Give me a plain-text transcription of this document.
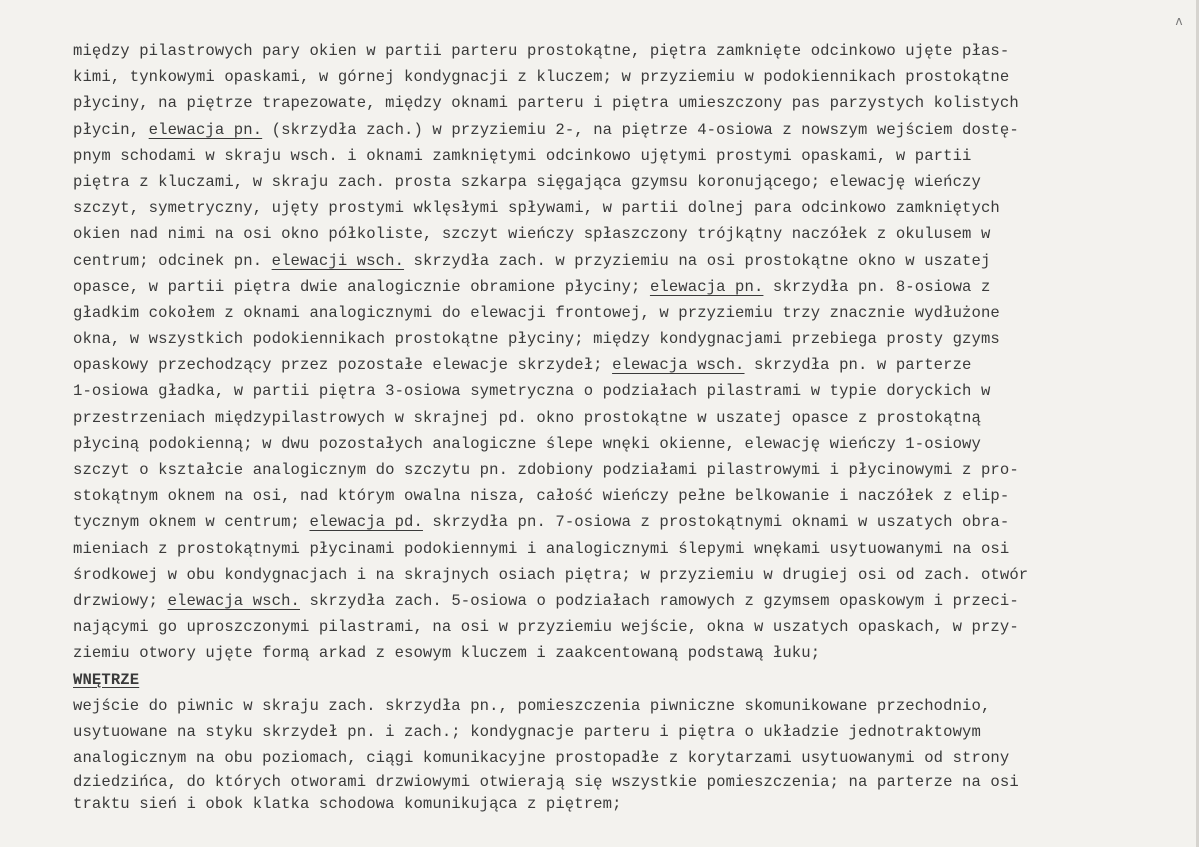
ʌ
między pilastrowych pary okien w partii parteru prostokątne, piętra zamknięte odcinkowo ujęte płas-
kimi, tynkowymi opaskami, w górnej kondygnacji z kluczem; w przyziemiu w podokiennikach prostokątne
płyciny, na piętrze trapezowate, między oknami parteru i piętra umieszczony pas parzystych kolistych
płycin, elewacja pn. (skrzydła zach.) w przyziemiu 2-, na piętrze 4-osiowa z nowszym wejściem dostę-
pnym schodami w skraju wsch. i oknami zamkniętymi odcinkowo ujętymi prostymi opaskami, w partii
piętra z kluczami, w skraju zach. prosta szkarpa sięgająca gzymsu koronującego; elewację wieńczy
szczyt, symetryczny, ujęty prostymi wklęsłymi spływami, w partii dolnej para odcinkowo zamkniętych
okien nad nimi na osi okno półkoliste, szczyt wieńczy spłaszczony trójkątny naczółek z okulusem w
centrum; odcinek pn. elewacji wsch. skrzydła zach. w przyziemiu na osi prostokątne okno w uszatej
opasce, w partii piętra dwie analogicznie obramione płyciny; elewacja pn. skrzydła pn. 8-osiowa z
gładkim cokołem z oknami analogicznymi do elewacji frontowej, w przyziemiu trzy znacznie wydłużone
okna, w wszystkich podokiennikach prostokątne płyciny; między kondygnacjami przebiega prosty gzyms
opaskowy przechodzący przez pozostałe elewacje skrzydeł; elewacja wsch. skrzydła pn. w parterze
1-osiowa gładka, w partii piętra 3-osiowa symetryczna o podziałach pilastrami w typie doryckich w
przestrzeniach międzypilastrowych w skrajnej pd. okno prostokątne w uszatej opasce z prostokątną
płyciną podokienną; w dwu pozostałych analogiczne ślepe wnęki okienne, elewację wieńczy 1-osiowy
szczyt o kształcie analogicznym do szczytu pn. zdobiony podziałami pilastrowymi i płycinowymi z pro-
stokątnym oknem na osi, nad którym owalna nisza, całość wieńczy pełne belkowanie i naczółek z elip-
tycznym oknem w centrum; elewacja pd. skrzydła pn. 7-osiowa z prostokątnymi oknami w uszatych obra-
mieniach z prostokątnymi płycinami podokiennymi i analogicznymi ślepymi wnękami usytuowanymi na osi
środkowej w obu kondygnacjach i na skrajnych osiach piętra; w przyziemiu w drugiej osi od zach. otwór
drzwiowy; elewacja wsch. skrzydła zach. 5-osiowa o podziałach ramowych z gzymsem opaskowym i przeci-
nającymi go uproszczonymi pilastrami, na osi w przyziemiu wejście, okna w uszatych opaskach, w przy-
ziemiu otwory ujęte formą arkad z esowym kluczem i zaakcentowaną podstawą łuku;
WNĘTRZE
wejście do piwnic w skraju zach. skrzydła pn., pomieszczenia piwniczne skomunikowane przechodnio,
usytuowane na styku skrzydeł pn. i zach.; kondygnacje parteru i piętra o układzie jednotraktowym
analogicznym na obu poziomach, ciągi komunikacyjne prostopadłe z korytarzami usytuowanymi od strony
dziedzińca, do których otworami drzwiowymi otwierają się wszystkie pomieszczenia; na parterze na osi
traktu sień i obok klatka schodowa komunikująca z piętrem;
